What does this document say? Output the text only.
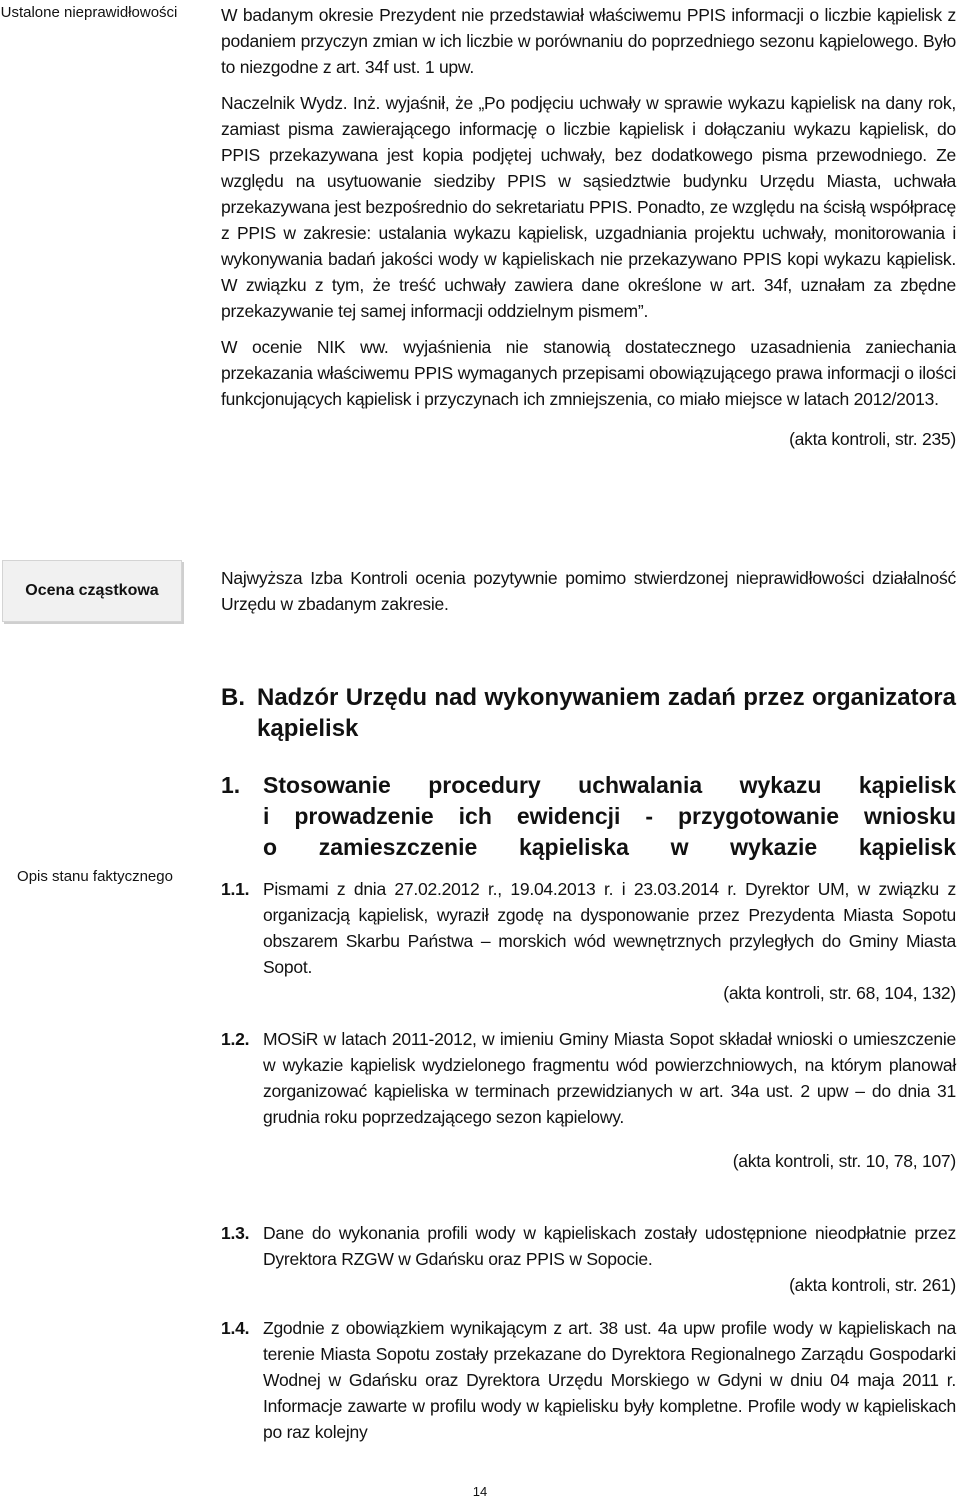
Ustalone nieprawidłowości W badanym okresie Prezydent nie przedstawiał właściwemu PPIS informacji o liczbie kąpielisk z podaniem przyczyn zmian w ich liczbie w porównaniu do poprzedniego sezonu kąpielowego. Było to niezgodne z art. 34f ust. 1 upw.

Naczelnik Wydz. Inż. wyjaśnił, że „Po podjęciu uchwały w sprawie wykazu kąpielisk na dany rok, zamiast pisma zawierającego informację o liczbie kąpielisk i dołączaniu wykazu kąpielisk, do PPIS przekazywana jest kopia podjętej uchwały, bez dodatkowego pisma przewodniego. Ze względu na usytuowanie siedziby PPIS w sąsiedztwie budynku Urzędu Miasta, uchwała przekazywana jest bezpośrednio do sekretariatu PPIS. Ponadto, ze względu na ścisłą współpracę z PPIS w zakresie: ustalania wykazu kąpielisk, uzgadniania projektu uchwały, monitorowania i wykonywania badań jakości wody w kąpieliskach nie przekazywano PPIS kopi wykazu kąpielisk. W związku z tym, że treść uchwały zawiera dane określone w art. 34f, uznałam za zbędne przekazywanie tej samej informacji oddzielnym pismem”.

W ocenie NIK ww. wyjaśnienia nie stanowią dostatecznego uzasadnienia zaniechania przekazania właściwemu PPIS wymaganych przepisami obowiązującego prawa informacji o ilości funkcjonujących kąpielisk i przyczynach ich zmniejszenia, co miało miejsce w latach 2012/2013.

(akta kontroli, str. 235)

Ocena cząstkowa

Najwyższa Izba Kontroli ocenia pozytywnie pomimo stwierdzonej nieprawidłowości działalność Urzędu w zbadanym zakresie.

B. Nadzór Urzędu nad wykonywaniem zadań przez organizatora
kąpielisk
1. Stosowanie procedury uchwalania wykazu kąpielisk
i prowadzenie ich ewidencji - przygotowanie wniosku
o zamieszczenie kąpieliska w wykazie kąpielisk
Opis stanu faktycznego
1.1. Pismami z dnia 27.02.2012 r., 19.04.2013 r. i 23.03.2014 r. Dyrektor UM, w związku z organizacją kąpielisk, wyraził zgodę na dysponowanie przez Prezydenta Miasta Sopotu obszarem Skarbu Państwa – morskich wód wewnętrznych przyległych do Gminy Miasta Sopot.
(akta kontroli, str. 68, 104, 132)
1.2. MOSiR w latach 2011-2012, w imieniu Gminy Miasta Sopot składał wnioski o umieszczenie w wykazie kąpielisk wydzielonego fragmentu wód powierzchniowych, na którym planował zorganizować kąpieliska w terminach przewidzianych w art. 34a ust. 2 upw – do dnia 31 grudnia roku poprzedzającego sezon kąpielowy.
(akta kontroli, str. 10, 78, 107)
1.3. Dane do wykonania profili wody w kąpieliskach zostały udostępnione nieodpłatnie przez Dyrektora RZGW w Gdańsku oraz PPIS w Sopocie.
(akta kontroli, str. 261)
1.4. Zgodnie z obowiązkiem wynikającym z art. 38 ust. 4a upw profile wody w kąpieliskach na terenie Miasta Sopotu zostały przekazane do Dyrektora Regionalnego Zarządu Gospodarki Wodnej w Gdańsku oraz Dyrektora Urzędu Morskiego w Gdyni w dniu 04 maja 2011 r. Informacje zawarte w profilu wody w kąpielisku były kompletne. Profile wody w kąpieliskach po raz kolejny
14
